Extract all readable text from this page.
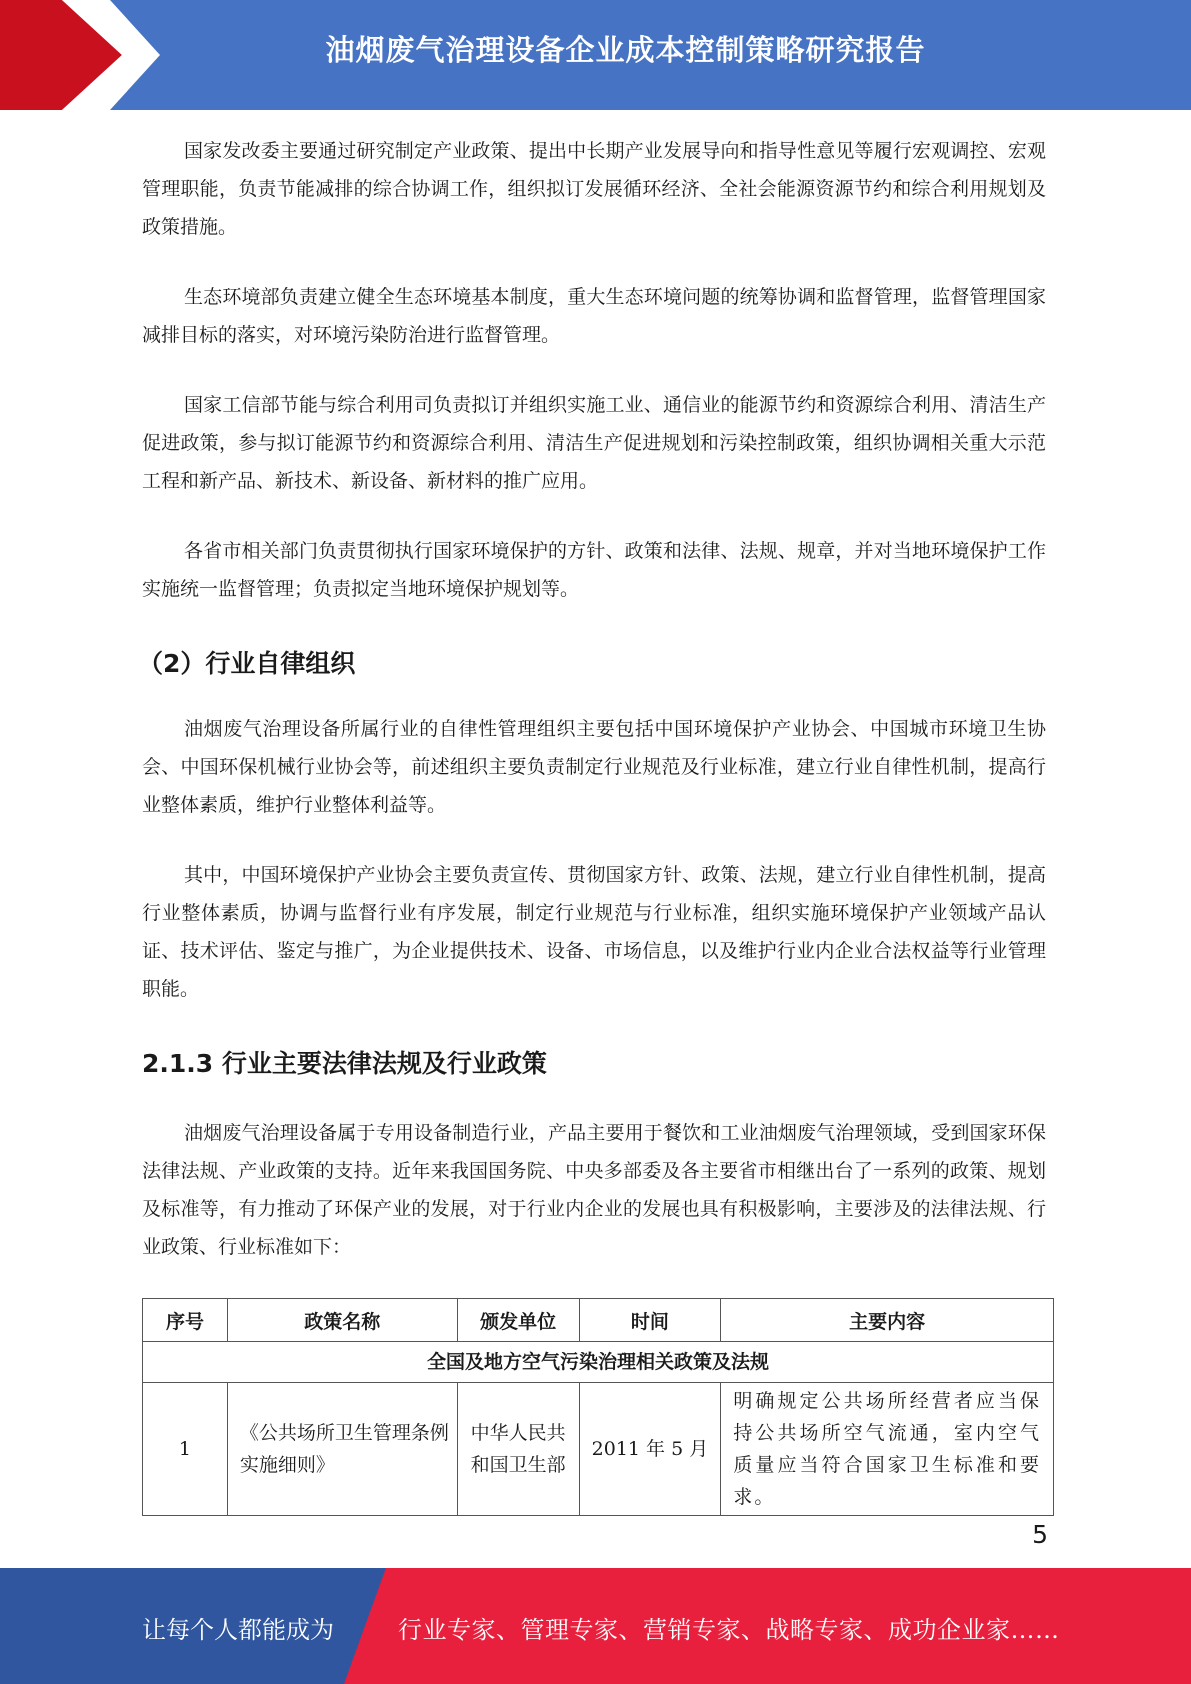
油烟废气治理设备企业成本控制策略研究报告

国家发改委主要通过研究制定产业政策、提出中长期产业发展导向和指导性意见等履行宏观调控、宏观管理职能，负责节能减排的综合协调工作，组织拟订发展循环经济、全社会能源资源节约和综合利用规划及政策措施。

生态环境部负责建立健全生态环境基本制度，重大生态环境问题的统筹协调和监督管理，监督管理国家减排目标的落实，对环境污染防治进行监督管理。

国家工信部节能与综合利用司负责拟订并组织实施工业、通信业的能源节约和资源综合利用、清洁生产促进政策，参与拟订能源节约和资源综合利用、清洁生产促进规划和污染控制政策，组织协调相关重大示范工程和新产品、新技术、新设备、新材料的推广应用。

各省市相关部门负责贯彻执行国家环境保护的方针、政策和法律、法规、规章，并对当地环境保护工作实施统一监督管理；负责拟定当地环境保护规划等。

（2）行业自律组织

油烟废气治理设备所属行业的自律性管理组织主要包括中国环境保护产业协会、中国城市环境卫生协会、中国环保机械行业协会等，前述组织主要负责制定行业规范及行业标准，建立行业自律性机制，提高行业整体素质，维护行业整体利益等。

其中，中国环境保护产业协会主要负责宣传、贯彻国家方针、政策、法规，建立行业自律性机制，提高行业整体素质，协调与监督行业有序发展，制定行业规范与行业标准，组织实施环境保护产业领域产品认证、技术评估、鉴定与推广，为企业提供技术、设备、市场信息，以及维护行业内企业合法权益等行业管理职能。

2.1.3 行业主要法律法规及行业政策

油烟废气治理设备属于专用设备制造行业，产品主要用于餐饮和工业油烟废气治理领域，受到国家环保法律法规、产业政策的支持。近年来我国国务院、中央多部委及各主要省市相继出台了一系列的政策、规划及标准等，有力推动了环保产业的发展，对于行业内企业的发展也具有积极影响，主要涉及的法律法规、行业政策、行业标准如下：

序号	政策名称	颁发单位	时间	主要内容
全国及地方空气污染治理相关政策及法规				
1	《公共场所卫生管理条例实施细则》	中华人民共和国卫生部	2011 年 5 月	明确规定公共场所经营者应当保 持公共场所空气流通，室内空气 质量应当符合国家卫生标准和要 求。
5
让每个人都能成为	行业专家、管理专家、营销专家、战略专家、成功企业家……
